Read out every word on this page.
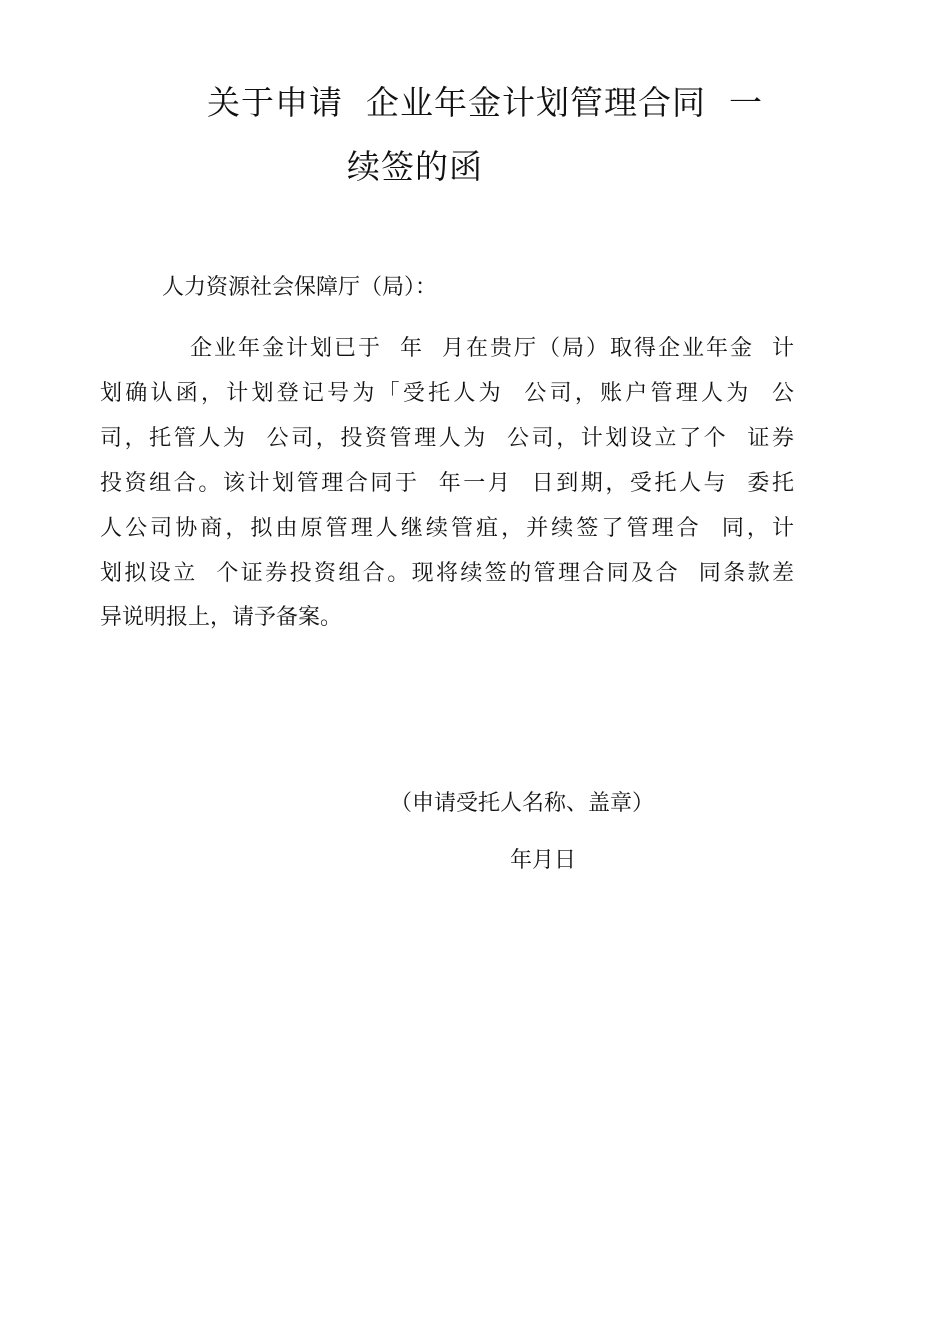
关于申请  企业年金计划管理合同  一
续签的函
人力资源社会保障厅（局）：
企业年金计划已于  年  月在贵厅（局）取得企业年金  计
划确认函，计划登记号为「受托人为  公司，账户管理人为  公
司，托管人为  公司，投资管理人为  公司，计划设立了个  证券
投资组合。该计划管理合同于  年一月  日到期，受托人与  委托
人公司协商，拟由原管理人继续管疽，并续签了管理合  同，计
划拟设立  个证券投资组合。现将续签的管理合同及合  同条款差
异说明报上，请予备案。
（申请受托人名称、盖章）
年月日
